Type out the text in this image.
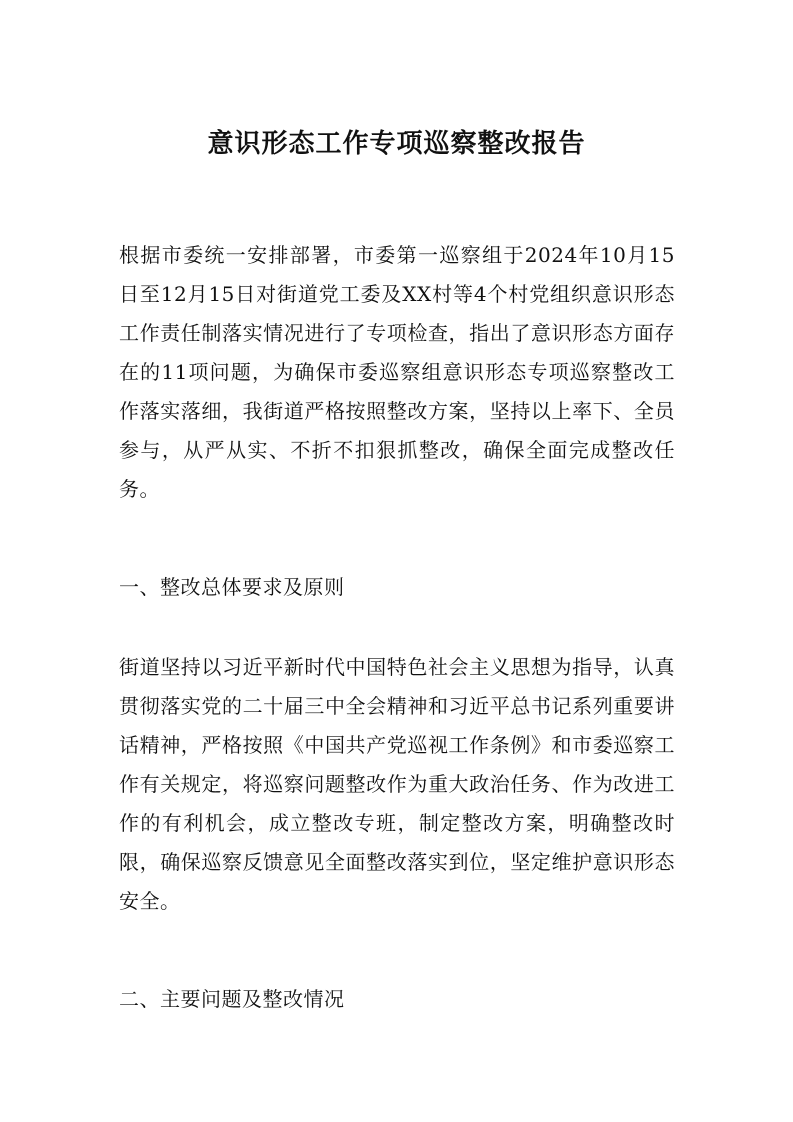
意识形态工作专项巡察整改报告

根据市委统一安排部署，市委第一巡察组于2024年10月15日至12月15日对街道党工委及XX村等4个村党组织意识形态工作责任制落实情况进行了专项检查，指出了意识形态方面存在的11项问题，为确保市委巡察组意识形态专项巡察整改工作落实落细，我街道严格按照整改方案，坚持以上率下、全员参与，从严从实、不折不扣狠抓整改，确保全面完成整改任务。

一、整改总体要求及原则

街道坚持以习近平新时代中国特色社会主义思想为指导，认真贯彻落实党的二十届三中全会精神和习近平总书记系列重要讲话精神，严格按照《中国共产党巡视工作条例》和市委巡察工作有关规定，将巡察问题整改作为重大政治任务、作为改进工作的有利机会，成立整改专班，制定整改方案，明确整改时限，确保巡察反馈意见全面整改落实到位，坚定维护意识形态安全。

二、主要问题及整改情况
